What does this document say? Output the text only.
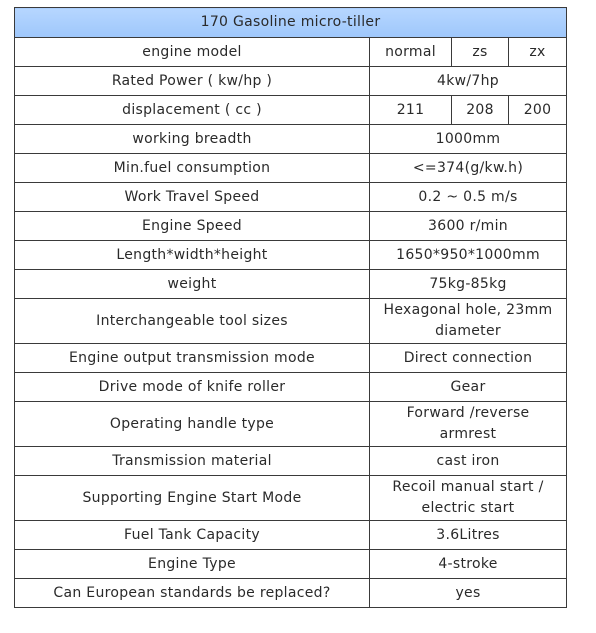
170 Gasoline micro-tiller			
engine model	normal	zs	zx
Rated Power ( kw/hp )	4kw/7hp		
displacement ( cc )	211	208	200
working breadth	1000mm		
Min.fuel consumption	<=374(g/kw.h)		
Work Travel Speed	0.2 ~ 0.5 m/s		
Engine Speed	3600 r/min		
Length*width*height	1650*950*1000mm		
weight	75kg-85kg		
Interchangeable tool sizes	Hexagonal hole, 23mm diameter		
Engine output transmission mode	Direct connection		
Drive mode of knife roller	Gear		
Operating handle type	Forward /reverse armrest		
Transmission material	cast iron		
Supporting Engine Start Mode	Recoil manual start / electric start		
Fuel Tank Capacity	3.6Litres		
Engine Type	4-stroke		
Can European standards be replaced?	yes		
